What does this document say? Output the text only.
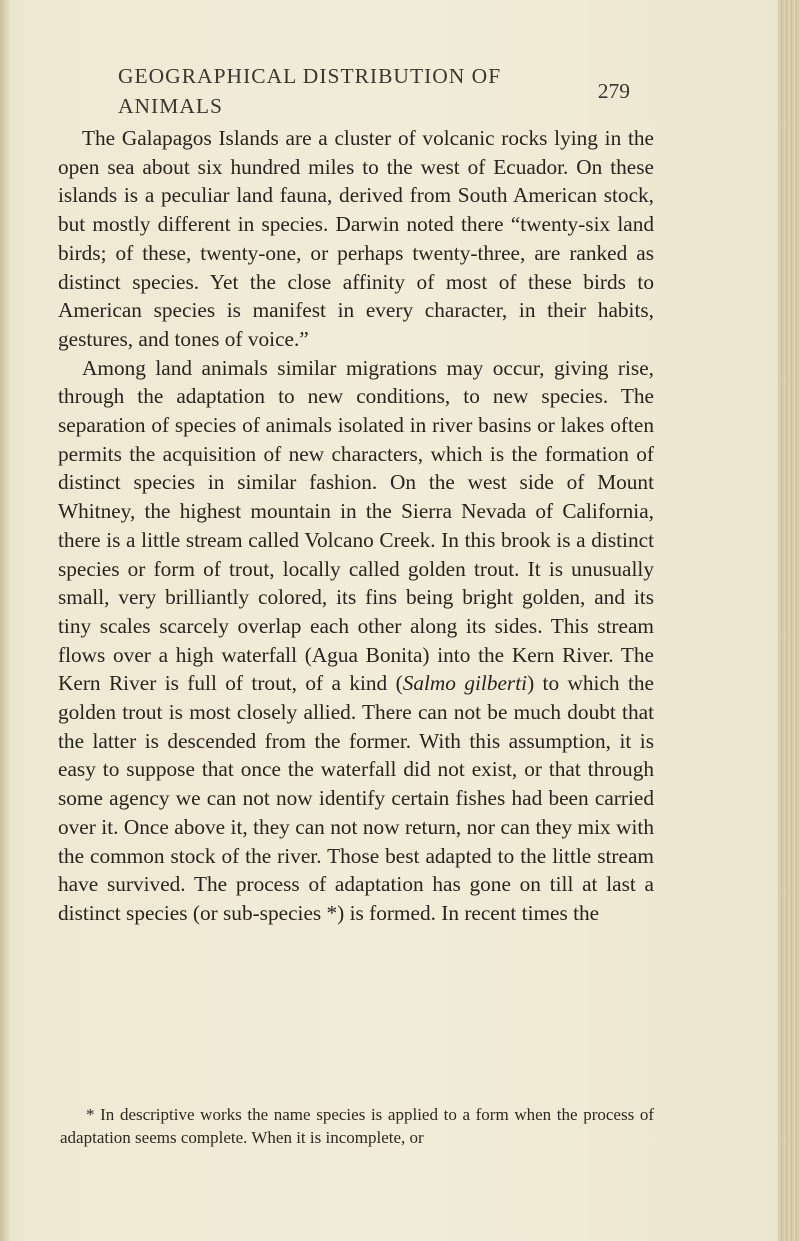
GEOGRAPHICAL DISTRIBUTION OF ANIMALS
279

The Galapagos Islands are a cluster of volcanic rocks lying in the open sea about six hundred miles to the west of Ecuador. On these islands is a peculiar land fauna, derived from South American stock, but mostly different in species. Darwin noted there “twenty-six land birds; of these, twenty-one, or perhaps twenty-three, are ranked as distinct species. Yet the close affinity of most of these birds to American species is manifest in every character, in their habits, gestures, and tones of voice.”

Among land animals similar migrations may occur, giving rise, through the adaptation to new conditions, to new species. The separation of species of animals isolated in river basins or lakes often permits the acquisition of new characters, which is the formation of distinct species in similar fashion. On the west side of Mount Whitney, the highest mountain in the Sierra Nevada of California, there is a little stream called Volcano Creek. In this brook is a distinct species or form of trout, locally called golden trout. It is unusually small, very brilliantly colored, its fins being bright golden, and its tiny scales scarcely overlap each other along its sides. This stream flows over a high waterfall (Agua Bonita) into the Kern River. The Kern River is full of trout, of a kind (Salmo gilberti) to which the golden trout is most closely allied. There can not be much doubt that the latter is descended from the former. With this assumption, it is easy to suppose that once the waterfall did not exist, or that through some agency we can not now identify certain fishes had been carried over it. Once above it, they can not now return, nor can they mix with the common stock of the river. Those best adapted to the little stream have survived. The process of adaptation has gone on till at last a distinct species (or sub-species *) is formed. In recent times the

* In descriptive works the name species is applied to a form when the process of adaptation seems complete. When it is incomplete, or
